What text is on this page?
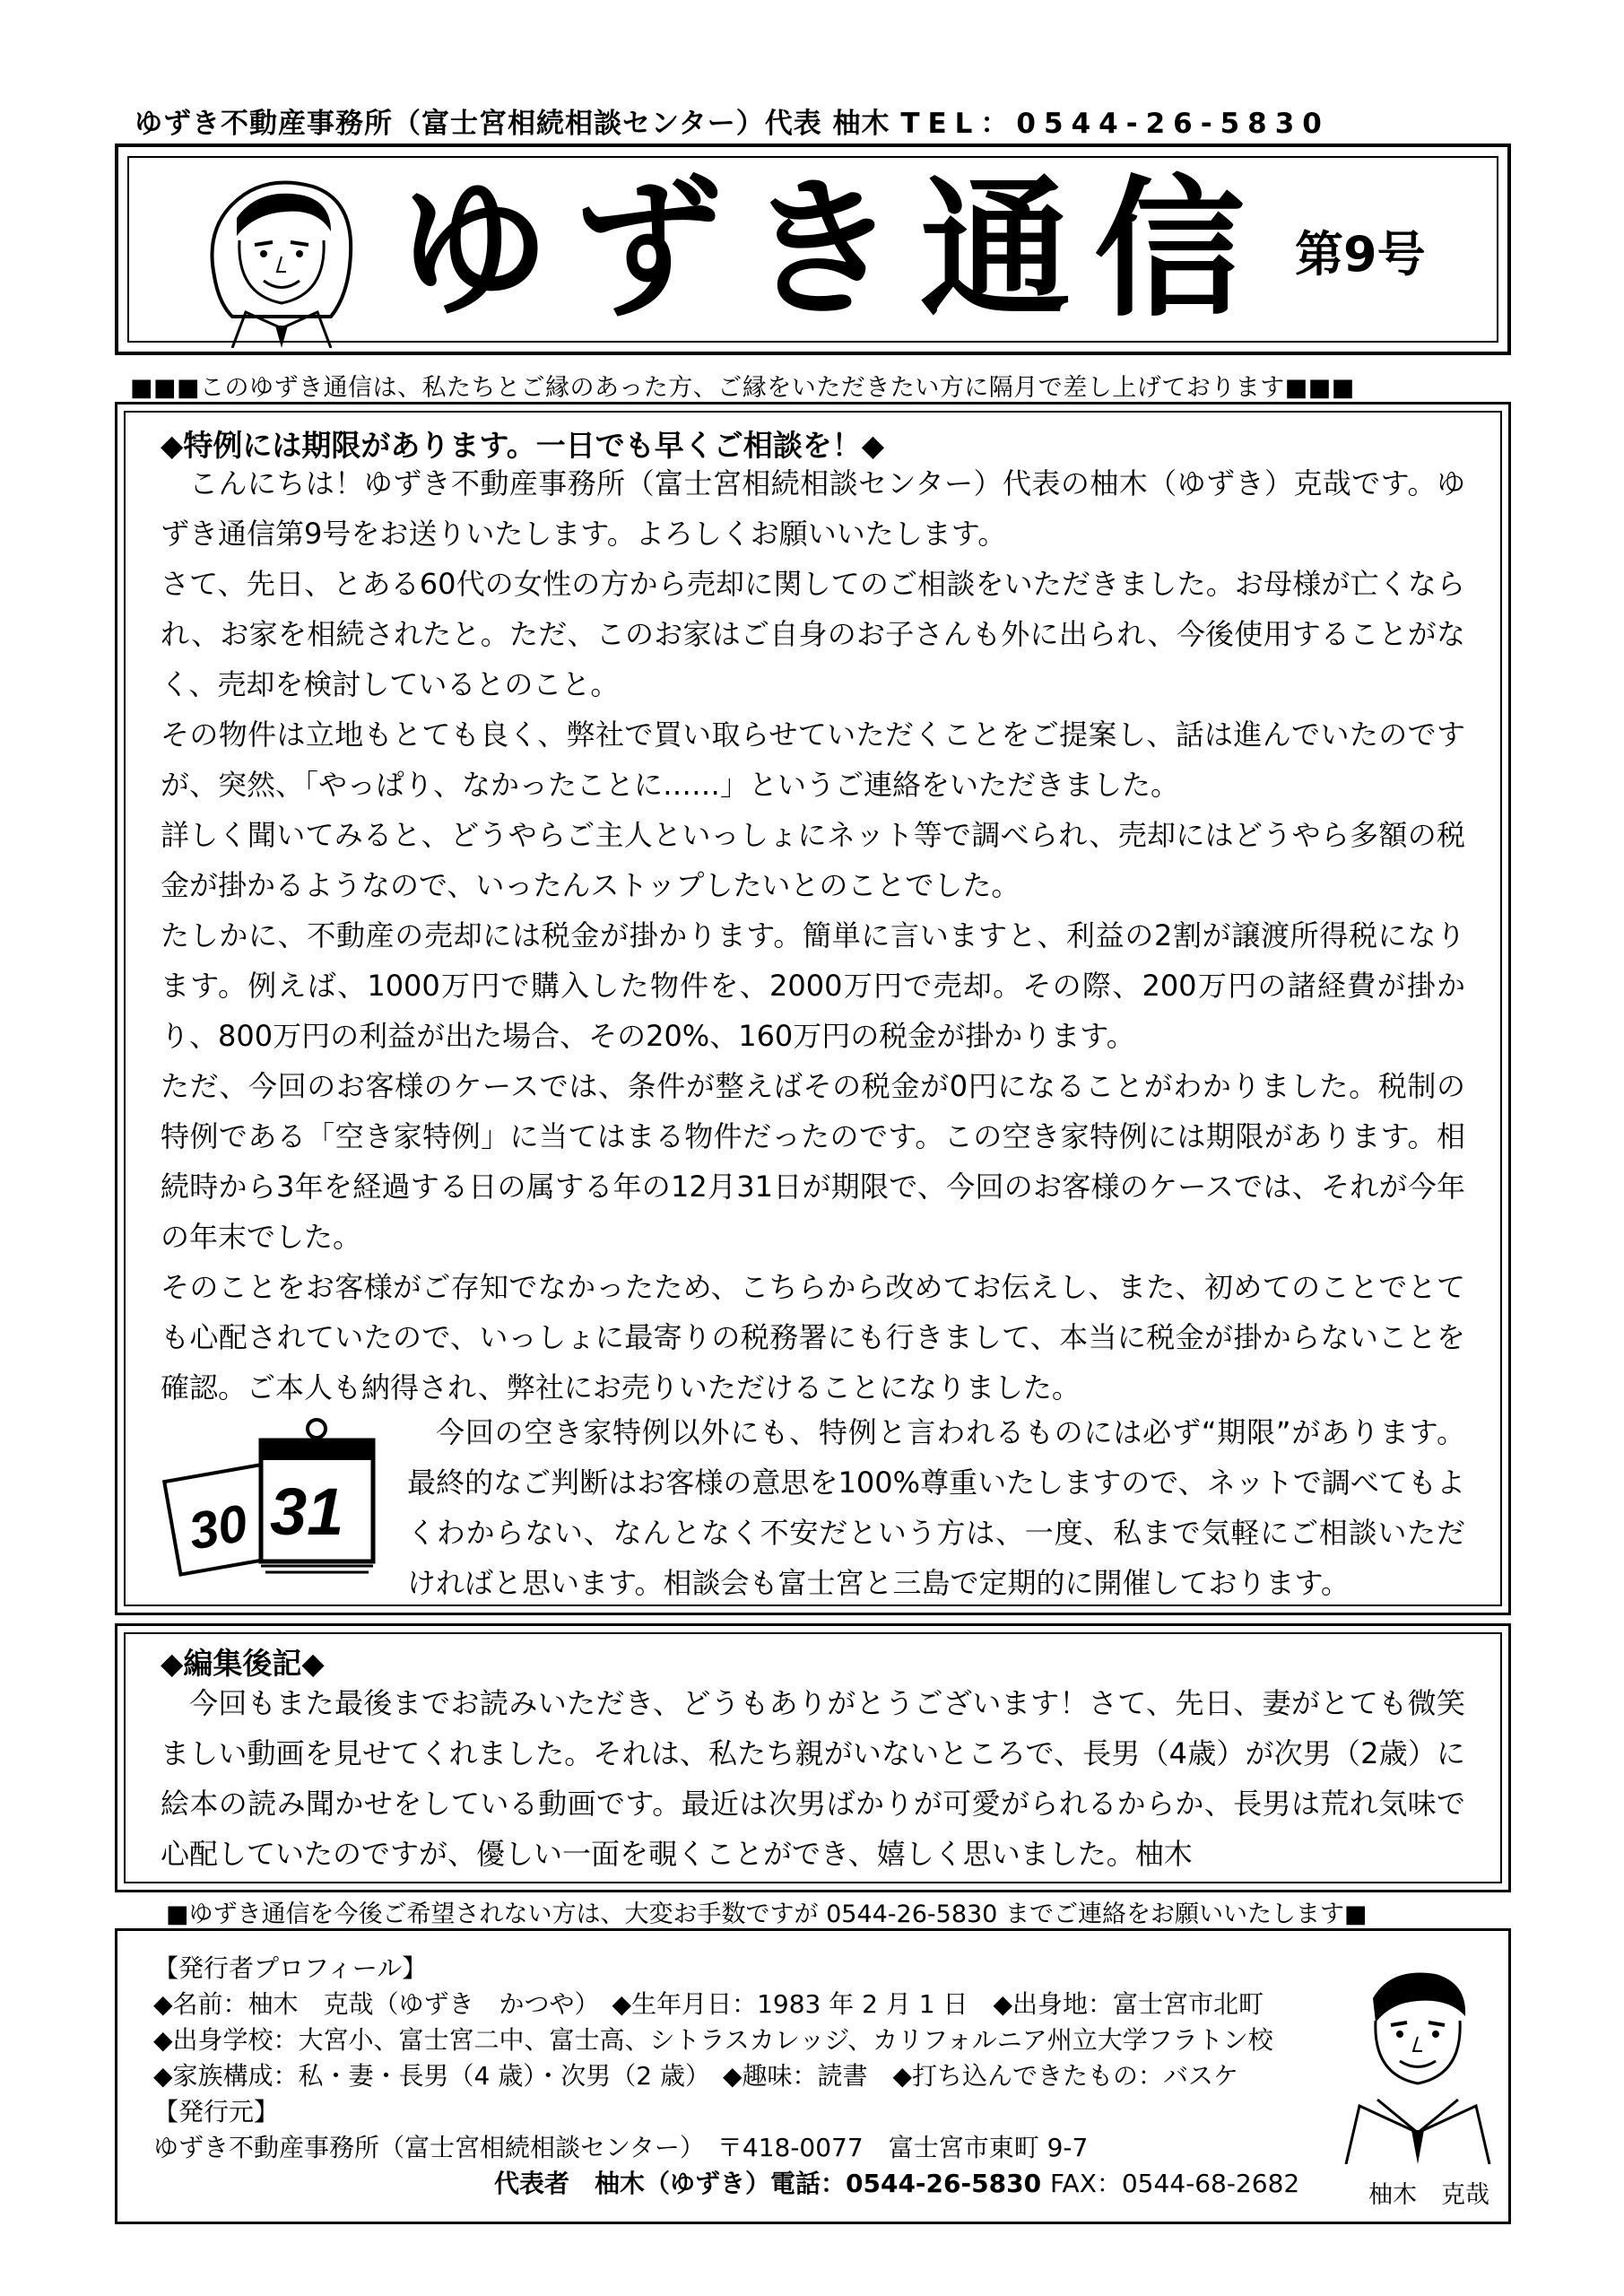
ゆずき不動産事務所（富士宮相続相談センター）代表 柚木 TEL：0544-26-5830
ゆずき通信 第9号
■■■このゆずき通信は、私たちとご縁のあった方、ご縁をいただきたい方に隔月で差し上げております■■■
◆特例には期限があります。一日でも早くご相談を！◆
こんにちは！ゆずき不動産事務所（富士宮相続相談センター）代表の柚木（ゆずき）克哉です。ゆずき通信第9号をお送りいたします。よろしくお願いいたします。
さて、先日、とある60代の女性の方から売却に関してのご相談をいただきました。お母様が亡くなられ、お家を相続されたと。ただ、このお家はご自身のお子さんも外に出られ、今後使用することがなく、売却を検討しているとのこと。
その物件は立地もとても良く、弊社で買い取らせていただくことをご提案し、話は進んでいたのですが、突然、「やっぱり、なかったことに……」というご連絡をいただきました。
詳しく聞いてみると、どうやらご主人といっしょにネット等で調べられ、売却にはどうやら多額の税金が掛かるようなので、いったんストップしたいとのことでした。
たしかに、不動産の売却には税金が掛かります。簡単に言いますと、利益の2割が譲渡所得税になります。例えば、1000万円で購入した物件を、2000万円で売却。その際、200万円の諸経費が掛かり、800万円の利益が出た場合、その20%、160万円の税金が掛かります。
ただ、今回のお客様のケースでは、条件が整えばその税金が0円になることがわかりました。税制の特例である「空き家特例」に当てはまる物件だったのです。この空き家特例には期限があります。相続時から3年を経過する日の属する年の12月31日が期限で、今回のお客様のケースでは、それが今年の年末でした。
そのことをお客様がご存知でなかったため、こちらから改めてお伝えし、また、初めてのことでとても心配されていたので、いっしょに最寄りの税務署にも行きまして、本当に税金が掛からないことを確認。ご本人も納得され、弊社にお売りいただけることになりました。
30 31
今回の空き家特例以外にも、特例と言われるものには必ず“期限”があります。最終的なご判断はお客様の意思を100%尊重いたしますので、ネットで調べてもよくわからない、なんとなく不安だという方は、一度、私まで気軽にご相談いただければと思います。相談会も富士宮と三島で定期的に開催しております。
◆編集後記◆
今回もまた最後までお読みいただき、どうもありがとうございます！さて、先日、妻がとても微笑ましい動画を見せてくれました。それは、私たち親がいないところで、長男（4歳）が次男（2歳）に絵本の読み聞かせをしている動画です。最近は次男ばかりが可愛がられるからか、長男は荒れ気味で心配していたのですが、優しい一面を覗くことができ、嬉しく思いました。柚木
■ゆずき通信を今後ご希望されない方は、大変お手数ですが 0544-26-5830 までご連絡をお願いいたします■
【発行者プロフィール】
◆名前：柚木　克哉（ゆずき　かつや）　◆生年月日：1983 年 2 月 1 日　◆出身地：富士宮市北町
◆出身学校：大宮小、富士宮二中、富士高、シトラスカレッジ、カリフォルニア州立大学フラトン校
◆家族構成：私・妻・長男（4 歳）・次男（2 歳）　◆趣味：読書　◆打ち込んできたもの：バスケ
【発行元】
ゆずき不動産事務所（富士宮相続相談センター）　〒418-0077　富士宮市東町 9-7
代表者　柚木（ゆずき）電話：0544-26-5830 FAX：0544-68-2682	柚木　克哉
